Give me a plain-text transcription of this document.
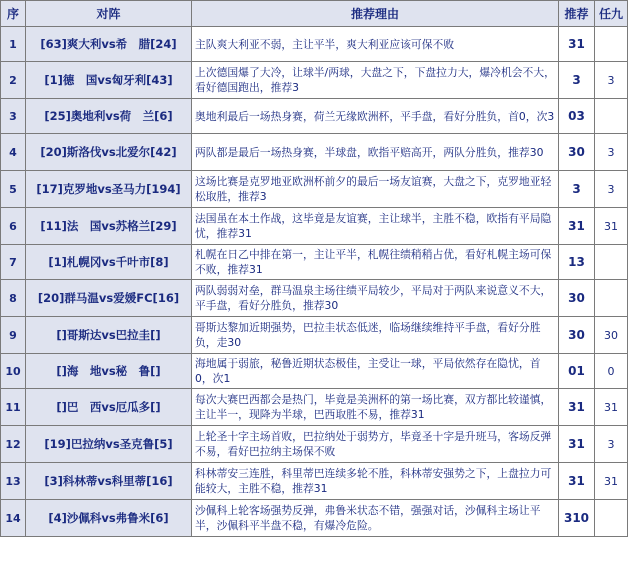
序	对阵	推荐理由	推荐	任九
1	[63]爽大利vs希　腊[24]	主队爽大利亚不弱，主让平半，爽大利亚应该可保不败	31	
2	[1]德　国vs匈牙利[43]	上次德国爆了大冷，让球半/两球，大盘之下，下盘拉力大，爆冷机会不大，看好德国跑出，推荐3	3	3
3	[25]奥地利vs荷　兰[6]	奥地利最后一场热身赛，荷兰无缘欧洲杯，平手盘，看好分胜负，首0，次3	03	
4	[20]斯洛伐vs北爱尔[42]	两队都是最后一场热身赛，半球盘，欧指平赔高开，两队分胜负，推荐30	30	3
5	[17]克罗地vs圣马力[194]	这场比赛是克罗地亚欧洲杯前夕的最后一场友谊赛，大盘之下，克罗地亚轻松取胜，推荐3	3	3
6	[11]法　国vs苏格兰[29]	法国虽在本土作战，这毕竟是友谊赛，主让球半，主胜不稳，欧指有平局隐忧，推荐31	31	31
7	[1]札幌冈vs千叶市[8]	札幌在日乙中排在第一，主让平半，札幌往绩稍稍占优，看好札幌主场可保不败，推荐31	13	
8	[20]群马温vs爱媛FC[16]	两队弱弱对垒，群马温泉主场往绩平局较少，平局对于两队来说意义不大，平手盘，看好分胜负，推荐30	30	
9	[]哥斯达vs巴拉圭[]	哥斯达黎加近期强势，巴拉圭状态低迷，临场继续维持平手盘，看好分胜负，走30	30	30
10	[]海　地vs秘　鲁[]	海地属于弱旅，秘鲁近期状态极佳，主受让一球，平局依然存在隐忧，首0，次1	01	0
11	[]巴　西vs厄瓜多[]	每次大赛巴西都会是热门，毕竟是美洲杯的第一场比赛，双方都比较谨慎，主让半一，现降为半球，巴西取胜不易，推荐31	31	31
12	[19]巴拉纳vs圣克鲁[5]	上轮圣十字主场首败，巴拉纳处于弱势方，毕竟圣十字是升班马，客场反弹不易，看好巴拉纳主场保不败	31	3
13	[3]科林蒂vs科里蒂[16]	科林蒂安三连胜，科里蒂巴连续多轮不胜，科林蒂安强势之下，上盘拉力可能较大，主胜不稳，推荐31	31	31
14	[4]沙佩科vs弗鲁米[6]	沙佩科上轮客场强势反弹，弗鲁米状态不错，强强对话，沙佩科主场让平半，沙佩科平半盘不稳，有爆冷危险。	310	
